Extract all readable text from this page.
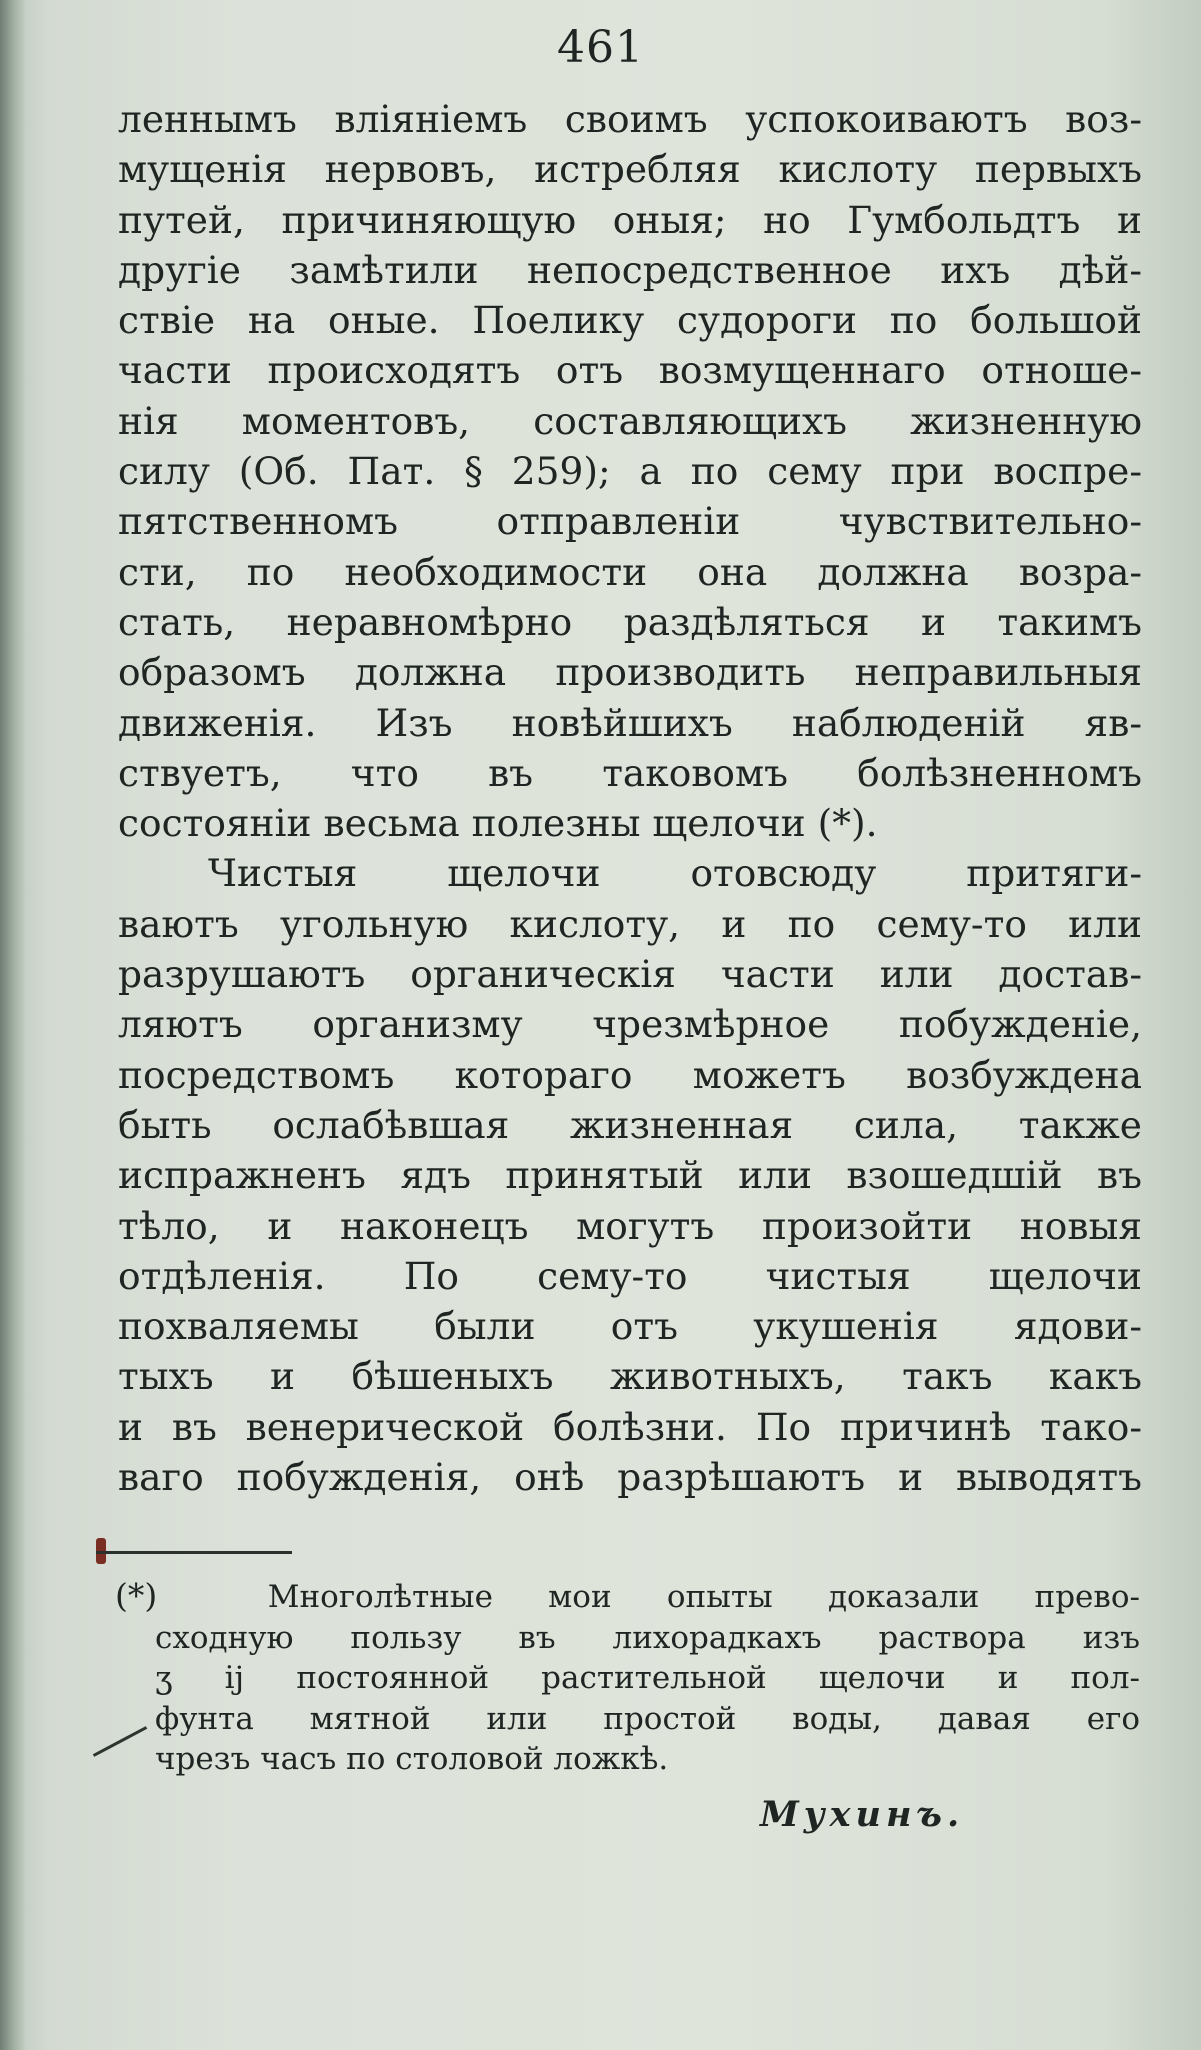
461
леннымъ вліяніемъ своимъ успокоиваютъ воз-
мущенія нервовъ, истребляя кислоту первыхъ
путей, причиняющую оныя; но Гумбольдтъ и
другіе замѣтили непосредственное ихъ дѣй-
ствіе на оные. Поелику судороги по большой
части происходятъ отъ возмущеннаго отноше-
нія моментовъ, составляющихъ жизненную
силу (Об. Пат. § 259); а по сему при воспре-
пятственномъ отправленіи чувствительно-
сти, по необходимости она должна возра-
стать, неравномѣрно раздѣляться и такимъ
образомъ должна производить неправильныя
движенія. Изъ новѣйшихъ наблюденій яв-
ствуетъ, что въ таковомъ болѣзненномъ
состояніи весьма полезны щелочи (*).
Чистыя щелочи отовсюду притяги-
ваютъ угольную кислоту, и по сему-то или
разрушаютъ органическія части или достав-
ляютъ организму чрезмѣрное побужденіе,
посредствомъ котораго можетъ возбуждена
быть ослабѣвшая жизненная сила, также
испражненъ ядъ принятый или взошедшій въ
тѣло, и наконецъ могутъ произойти новыя
отдѣленія. По сему-то чистыя щелочи
похваляемы были отъ укушенія ядови-
тыхъ и бѣшеныхъ животныхъ, такъ какъ
и въ венерической болѣзни. По причинѣ тако-
ваго побужденія, онѣ разрѣшаютъ и выводятъ
(*)	Многолѣтные мои опыты доказали прево-
сходную пользу въ лихорадкахъ раствора изъ
ʒ ij постоянной растительной щелочи и пол-
фунта мятной или простой воды, давая его
чрезъ часъ по столовой ложкѣ.
Мухинъ.
